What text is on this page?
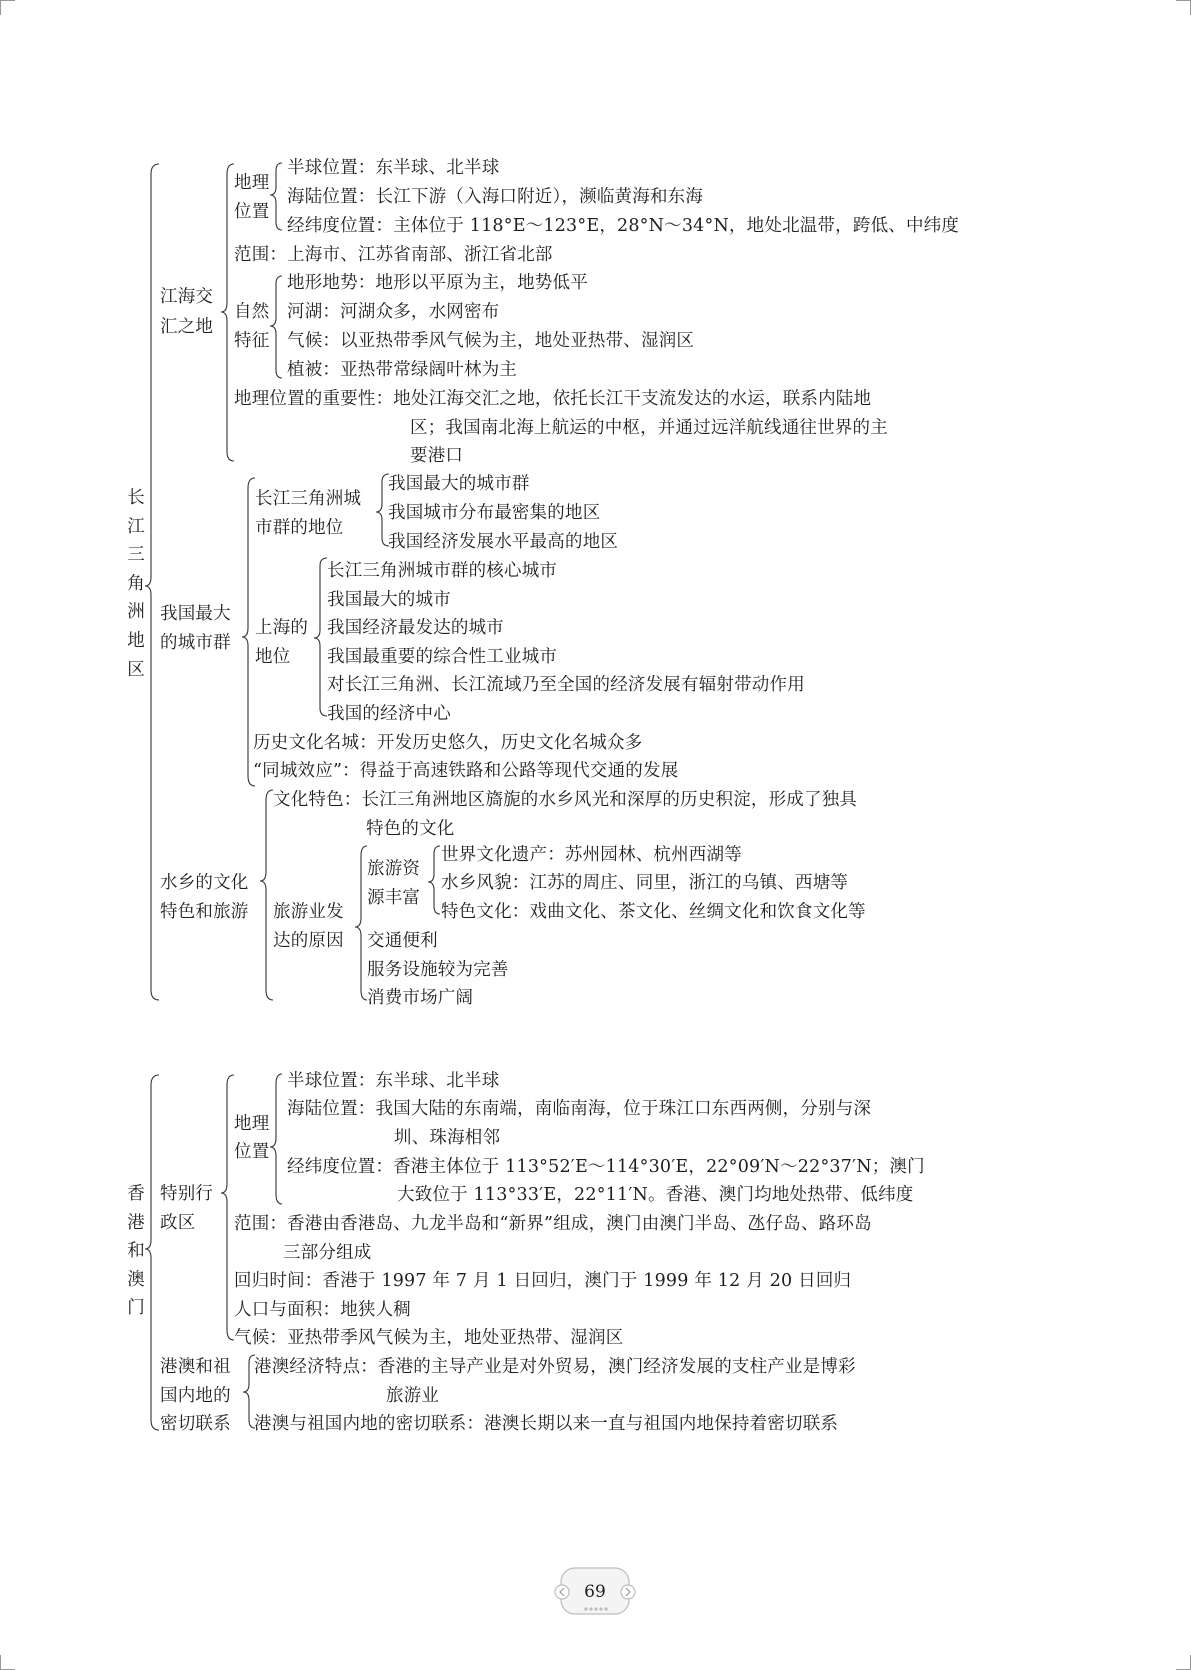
长江三角洲地区
江海交
汇之地
地理
位置
半球位置：东半球、北半球
海陆位置：长江下游（入海口附近），濒临黄海和东海
经纬度位置：主体位于 118°E～123°E，28°N～34°N，地处北温带，跨低、中纬度
范围：上海市、江苏省南部、浙江省北部
自然
特征
地形地势：地形以平原为主，地势低平
河湖：河湖众多，水网密布
气候：以亚热带季风气候为主，地处亚热带、湿润区
植被：亚热带常绿阔叶林为主
地理位置的重要性：地处江海交汇之地，依托长江干支流发达的水运，联系内陆地
区；我国南北海上航运的中枢，并通过远洋航线通往世界的主
要港口
我国最大
的城市群
长江三角洲城
市群的地位
我国最大的城市群
我国城市分布最密集的地区
我国经济发展水平最高的地区
上海的
地位
长江三角洲城市群的核心城市
我国最大的城市
我国经济最发达的城市
我国最重要的综合性工业城市
对长江三角洲、长江流域乃至全国的经济发展有辐射带动作用
我国的经济中心
历史文化名城：开发历史悠久，历史文化名城众多
“同城效应”：得益于高速铁路和公路等现代交通的发展
水乡的文化
特色和旅游
文化特色：长江三角洲地区旖旎的水乡风光和深厚的历史积淀，形成了独具
特色的文化
旅游业发
达的原因
旅游资
源丰富
世界文化遗产：苏州园林、杭州西湖等
水乡风貌：江苏的周庄、同里，浙江的乌镇、西塘等
特色文化：戏曲文化、茶文化、丝绸文化和饮食文化等
交通便利
服务设施较为完善
消费市场广阔
香港和澳门
特别行
政区
地理
位置
半球位置：东半球、北半球
海陆位置：我国大陆的东南端，南临南海，位于珠江口东西两侧，分别与深
圳、珠海相邻
经纬度位置：香港主体位于 113°52′E～114°30′E，22°09′N～22°37′N；澳门
大致位于 113°33′E，22°11′N。香港、澳门均地处热带、低纬度
范围：香港由香港岛、九龙半岛和“新界”组成，澳门由澳门半岛、氹仔岛、路环岛
三部分组成
回归时间：香港于 1997 年 7 月 1 日回归，澳门于 1999 年 12 月 20 日回归
人口与面积：地狭人稠
气候：亚热带季风气候为主，地处亚热带、湿润区
港澳和祖
国内地的
密切联系
港澳经济特点：香港的主导产业是对外贸易，澳门经济发展的支柱产业是博彩
旅游业
港澳与祖国内地的密切联系：港澳长期以来一直与祖国内地保持着密切联系
69
